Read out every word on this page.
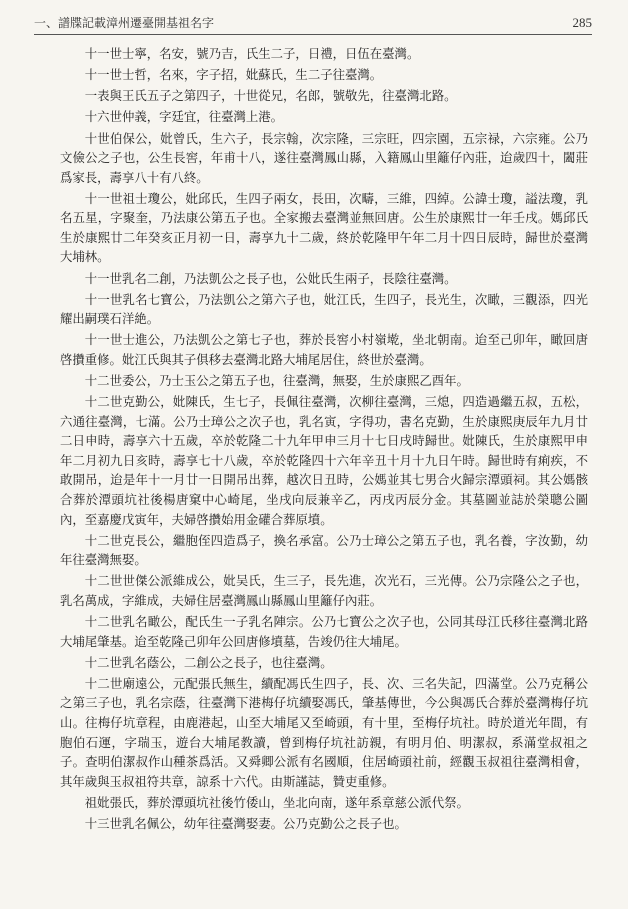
一、譜牒記載漳州遷臺開基祖名字	285

十一世士寧，名安，號乃吉，氏生二子，日禮，日伍在臺灣。

十一世士哲，名來，字子招，妣蘇氏，生二子往臺灣。

一表與王氏五子之第四子，十世從兄，名郎，號敬先，往臺灣北路。

十六世仲義，字廷宜，往臺灣上港。

十世伯保公，妣曾氏，生六子，長宗翰，次宗隆，三宗旺，四宗園，五宗禄，六宗雍。公乃文儉公之子也，公生長窖，年甫十八，遂往臺灣鳳山縣，入籍鳳山里籬仔內莊，迨歲四十，闔莊爲家長，壽享八十有八終。

十一世祖士瓊公，妣邱氏，生四子兩女，長田，次疇，三維，四綽。公諱士瓊，謚法瓊，乳名五星，字聚奎，乃法康公第五子也。全家搬去臺灣並無回唐。公生於康熙廿一年壬戌。媽邱氏生於康熙廿二年癸亥正月初一日，壽享九十二歲，終於乾隆甲午年二月十四日辰時，歸世於臺灣大埔林。

十一世乳名二創，乃法凱公之長子也，公妣氏生兩子，長陰往臺灣。

十一世乳名七寶公，乃法凱公之第六子也，妣江氏，生四子，長光生，次瞰，三觀添，四光耀出嗣璞石洋絶。

十一世士進公，乃法凱公之第七子也，葬於長窖小村嶺墘，坐北朝南。迨至己卯年，瞰回唐啓攢重修。妣江氏與其子俱移去臺灣北路大埔尾居住，終世於臺灣。

十二世委公，乃士玉公之第五子也，往臺灣，無娶，生於康熙乙酉年。

十二世克勤公，妣陳氏，生七子，長佩往臺灣，次柳往臺灣，三熄，四造過繼五叔，五松，六通往臺灣，七滿。公乃士璋公之次子也，乳名寅，字得功，書名克勤，生於康熙庚辰年九月廿二日申時，壽享六十五歲，卒於乾隆二十九年甲申三月十七日戌時歸世。妣陳氏，生於康熙甲申年二月初九日亥時，壽享七十八歲，卒於乾隆四十六年辛丑十月十九日午時。歸世時有痢疾，不敢開吊，迨是年十一月廿一日開吊出葬，越次日丑時，公媽並其七男合火歸宗潭頭祠。其公媽骸合葬於潭頭坑社後楊唐窠中心崎尾，坐戌向辰兼辛乙，丙戌丙辰分金。其墓圖並誌於榮聰公圖內，至嘉慶戊寅年，夫婦啓攢始用金礶合葬原墳。

十二世克長公，繼胞侄四造爲子，換名承富。公乃士璋公之第五子也，乳名養，字汝勤，幼年往臺灣無娶。

十二世世傑公派維成公，妣吴氏，生三子，長先進，次光石，三光傳。公乃宗隆公之子也，乳名萬成，字維成，夫婦住居臺灣鳳山縣鳳山里籬仔內莊。

十二世乳名瞰公，配氏生一子乳名陣宗。公乃七寶公之次子也，公同其母江氏移往臺灣北路大埔尾肇基。迨至乾隆己卯年公回唐修墳墓，告竣仍往大埔尾。

十二世乳名蔭公，二創公之長子，也往臺灣。

十二世廟遠公，元配張氏無生，續配馮氏生四子，長、次、三名失記，四滿堂。公乃克稱公之第三子也，乳名宗蔭，往臺灣下港梅仔坑續娶馮氏，肇基傳世，今公與馮氏合葬於臺灣梅仔坑山。往梅仔坑章程，由鹿港起，山至大埔尾又至崎頭，有十里，至梅仔坑社。時於道光年間，有胞伯石運，字瑞玉，遊台大埔尾教讀，曾到梅仔坑社訪親，有明月伯、明潔叔，系滿堂叔祖之子。查明伯潔叔作山種茶爲活。又舜卿公派有名國順，住居崎頭社前，經觀玉叔祖往臺灣相會，其年歲與玉叔祖符共章，諒系十六代。由斯謹誌，贊吏重修。

祖妣張氏，葬於潭頭坑社後竹倭山，坐北向南，遂年系章慈公派代祭。

十三世乳名佩公，幼年往臺灣娶妻。公乃克勤公之長子也。
